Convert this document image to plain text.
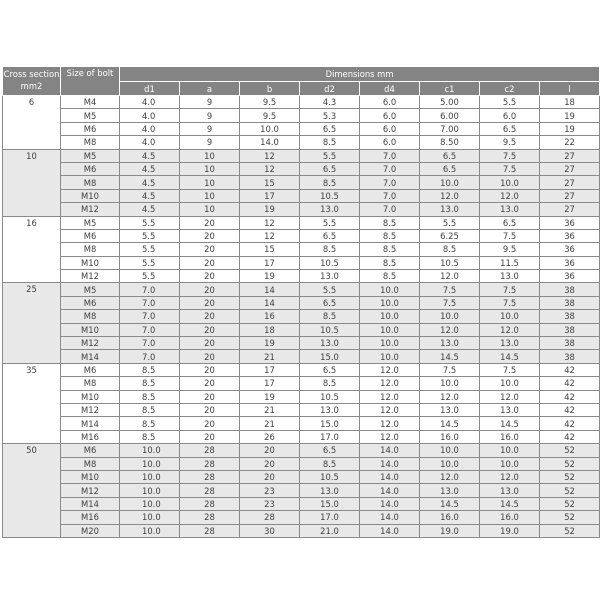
Cross section mm2	Size of bolt	Dimensions mm							
		d1	a	b	d2	d4	c1	c2	l
6	M4	4.0	9	9.5	4.3	6.0	5.00	5.5	18
	M5	4.0	9	9.5	5.3	6.0	6.00	6.0	19
	M6	4.0	9	10.0	6.5	6.0	7.00	6.5	19
	M8	4.0	9	14.0	8.5	6.0	8.50	9.5	22
10	M5	4.5	10	12	5.5	7.0	6.5	7.5	27
	M6	4.5	10	12	6.5	7.0	6.5	7.5	27
	M8	4.5	10	15	8.5	7.0	10.0	10.0	27
	M10	4.5	10	17	10.5	7.0	12.0	12.0	27
	M12	4.5	10	19	13.0	7.0	13.0	13.0	27
16	M5	5.5	20	12	5.5	8.5	5.5	6.5	36
	M6	5.5	20	12	6.5	8.5	6.25	7.5	36
	M8	5.5	20	15	8.5	8.5	8.5	9.5	36
	M10	5.5	20	17	10.5	8.5	10.5	11.5	36
	M12	5.5	20	19	13.0	8.5	12.0	13.0	36
25	M5	7.0	20	14	5.5	10.0	7.5	7.5	38
	M6	7.0	20	14	6.5	10.0	7.5	7.5	38
	M8	7.0	20	16	8.5	10.0	10.0	10.0	38
	M10	7.0	20	18	10.5	10.0	12.0	12.0	38
	M12	7.0	20	19	13.0	10.0	13.0	13.0	38
	M14	7.0	20	21	15.0	10.0	14.5	14.5	38
35	M6	8.5	20	17	6.5	12.0	7.5	7.5	42
	M8	8.5	20	17	8.5	12.0	10.0	10.0	42
	M10	8.5	20	19	10.5	12.0	12.0	12.0	42
	M12	8.5	20	21	13.0	12.0	13.0	13.0	42
	M14	8.5	20	21	15.0	12.0	14.5	14.5	42
	M16	8.5	20	26	17.0	12.0	16.0	16.0	42
50	M6	10.0	28	20	6.5	14.0	10.0	10.0	52
	M8	10.0	28	20	8.5	14.0	10.0	10.0	52
	M10	10.0	28	20	10.5	14.0	12.0	12.0	52
	M12	10.0	28	23	13.0	14.0	13.0	13.0	52
	M14	10.0	28	23	15.0	14.0	14.5	14.5	52
	M16	10.0	28	28	17.0	14.0	16.0	16.0	52
	M20	10.0	28	30	21.0	14.0	19.0	19.0	52
